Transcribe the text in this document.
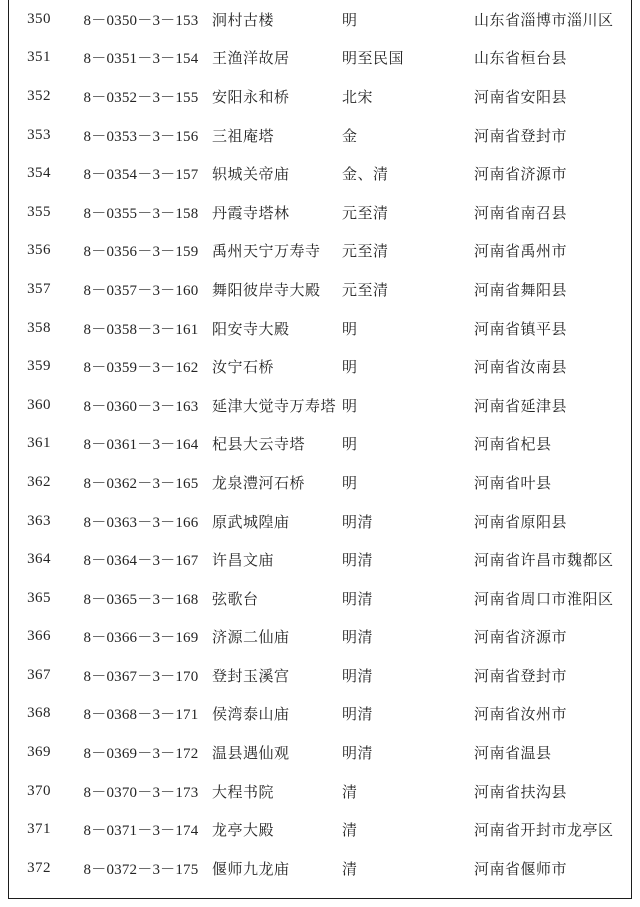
350	8－0350－3－153	泂村古楼	明	山东省淄博市淄川区
351	8－0351－3－154	王渔洋故居	明至民国	山东省桓台县
352	8－0352－3－155	安阳永和桥	北宋	河南省安阳县
353	8－0353－3－156	三祖庵塔	金	河南省登封市
354	8－0354－3－157	轵城关帝庙	金、清	河南省济源市
355	8－0355－3－158	丹霞寺塔林	元至清	河南省南召县
356	8－0356－3－159	禹州天宁万寿寺	元至清	河南省禹州市
357	8－0357－3－160	舞阳彼岸寺大殿	元至清	河南省舞阳县
358	8－0358－3－161	阳安寺大殿	明	河南省镇平县
359	8－0359－3－162	汝宁石桥	明	河南省汝南县
360	8－0360－3－163	延津大觉寺万寿塔	明	河南省延津县
361	8－0361－3－164	杞县大云寺塔	明	河南省杞县
362	8－0362－3－165	龙泉澧河石桥	明	河南省叶县
363	8－0363－3－166	原武城隍庙	明清	河南省原阳县
364	8－0364－3－167	许昌文庙	明清	河南省许昌市魏都区
365	8－0365－3－168	弦歌台	明清	河南省周口市淮阳区
366	8－0366－3－169	济源二仙庙	明清	河南省济源市
367	8－0367－3－170	登封玉溪宫	明清	河南省登封市
368	8－0368－3－171	侯湾泰山庙	明清	河南省汝州市
369	8－0369－3－172	温县遇仙观	明清	河南省温县
370	8－0370－3－173	大程书院	清	河南省扶沟县
371	8－0371－3－174	龙亭大殿	清	河南省开封市龙亭区
372	8－0372－3－175	偃师九龙庙	清	河南省偃师市
